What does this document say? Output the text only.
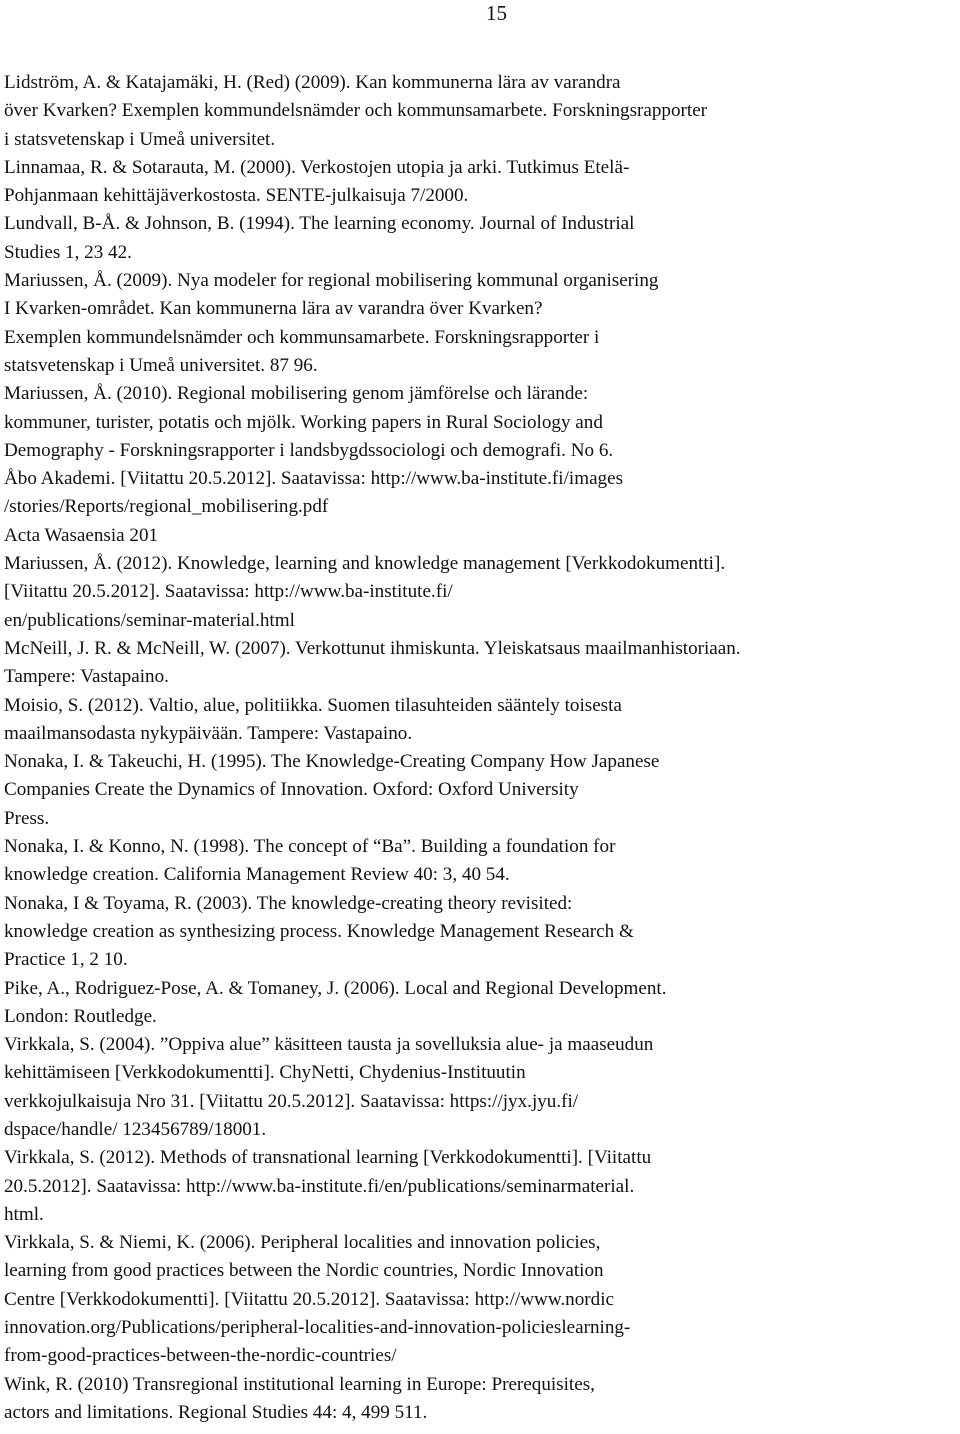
15
Lidström, A. & Katajamäki, H. (Red) (2009). Kan kommunerna lära av varandra
över Kvarken? Exemplen kommundelsnämder och kommunsamarbete. Forskningsrapporter
i statsvetenskap i Umeå universitet.
Linnamaa, R. & Sotarauta, M. (2000). Verkostojen utopia ja arki. Tutkimus Etelä-
Pohjanmaan kehittäjäverkostosta. SENTE-julkaisuja 7/2000.
Lundvall, B-Å. & Johnson, B. (1994). The learning economy. Journal of Industrial
Studies 1, 23 42.
Mariussen, Å. (2009). Nya modeler for regional mobilisering kommunal organisering
I Kvarken-området. Kan kommunerna lära av varandra över Kvarken?
Exemplen kommundelsnämder och kommunsamarbete. Forskningsrapporter i
statsvetenskap i Umeå universitet. 87 96.
Mariussen, Å. (2010). Regional mobilisering genom jämförelse och lärande:
kommuner, turister, potatis och mjölk. Working papers in Rural Sociology and
Demography - Forskningsrapporter i landsbygdssociologi och demografi. No 6.
Åbo Akademi. [Viitattu 20.5.2012]. Saatavissa: http://www.ba-institute.fi/images
/stories/Reports/regional_mobilisering.pdf
Acta Wasaensia 201
Mariussen, Å. (2012). Knowledge, learning and knowledge management [Verkkodokumentti].
[Viitattu 20.5.2012]. Saatavissa: http://www.ba-institute.fi/
en/publications/seminar-material.html
McNeill, J. R. & McNeill, W. (2007). Verkottunut ihmiskunta. Yleiskatsaus maailmanhistoriaan.
Tampere: Vastapaino.
Moisio, S. (2012). Valtio, alue, politiikka. Suomen tilasuhteiden sääntely toisesta
maailmansodasta nykypäivään. Tampere: Vastapaino.
Nonaka, I. & Takeuchi, H. (1995). The Knowledge-Creating Company How Japanese
Companies Create the Dynamics of Innovation. Oxford: Oxford University
Press.
Nonaka, I. & Konno, N. (1998). The concept of “Ba”. Building a foundation for
knowledge creation. California Management Review 40: 3, 40 54.
Nonaka, I & Toyama, R. (2003). The knowledge-creating theory revisited:
knowledge creation as synthesizing process. Knowledge Management Research &
Practice 1, 2 10.
Pike, A., Rodriguez-Pose, A. & Tomaney, J. (2006). Local and Regional Development.
London: Routledge.
Virkkala, S. (2004). ”Oppiva alue” käsitteen tausta ja sovelluksia alue- ja maaseudun
kehittämiseen [Verkkodokumentti]. ChyNetti, Chydenius-Instituutin
verkkojulkaisuja Nro 31. [Viitattu 20.5.2012]. Saatavissa: https://jyx.jyu.fi/
dspace/handle/ 123456789/18001.
Virkkala, S. (2012). Methods of transnational learning [Verkkodokumentti]. [Viitattu
20.5.2012]. Saatavissa: http://www.ba-institute.fi/en/publications/seminarmaterial.
html.
Virkkala, S. & Niemi, K. (2006). Peripheral localities and innovation policies,
learning from good practices between the Nordic countries, Nordic Innovation
Centre [Verkkodokumentti]. [Viitattu 20.5.2012]. Saatavissa: http://www.nordic
innovation.org/Publications/peripheral-localities-and-innovation-policieslearning-
from-good-practices-between-the-nordic-countries/
Wink, R. (2010) Transregional institutional learning in Europe: Prerequisites,
actors and limitations. Regional Studies 44: 4, 499 511.
